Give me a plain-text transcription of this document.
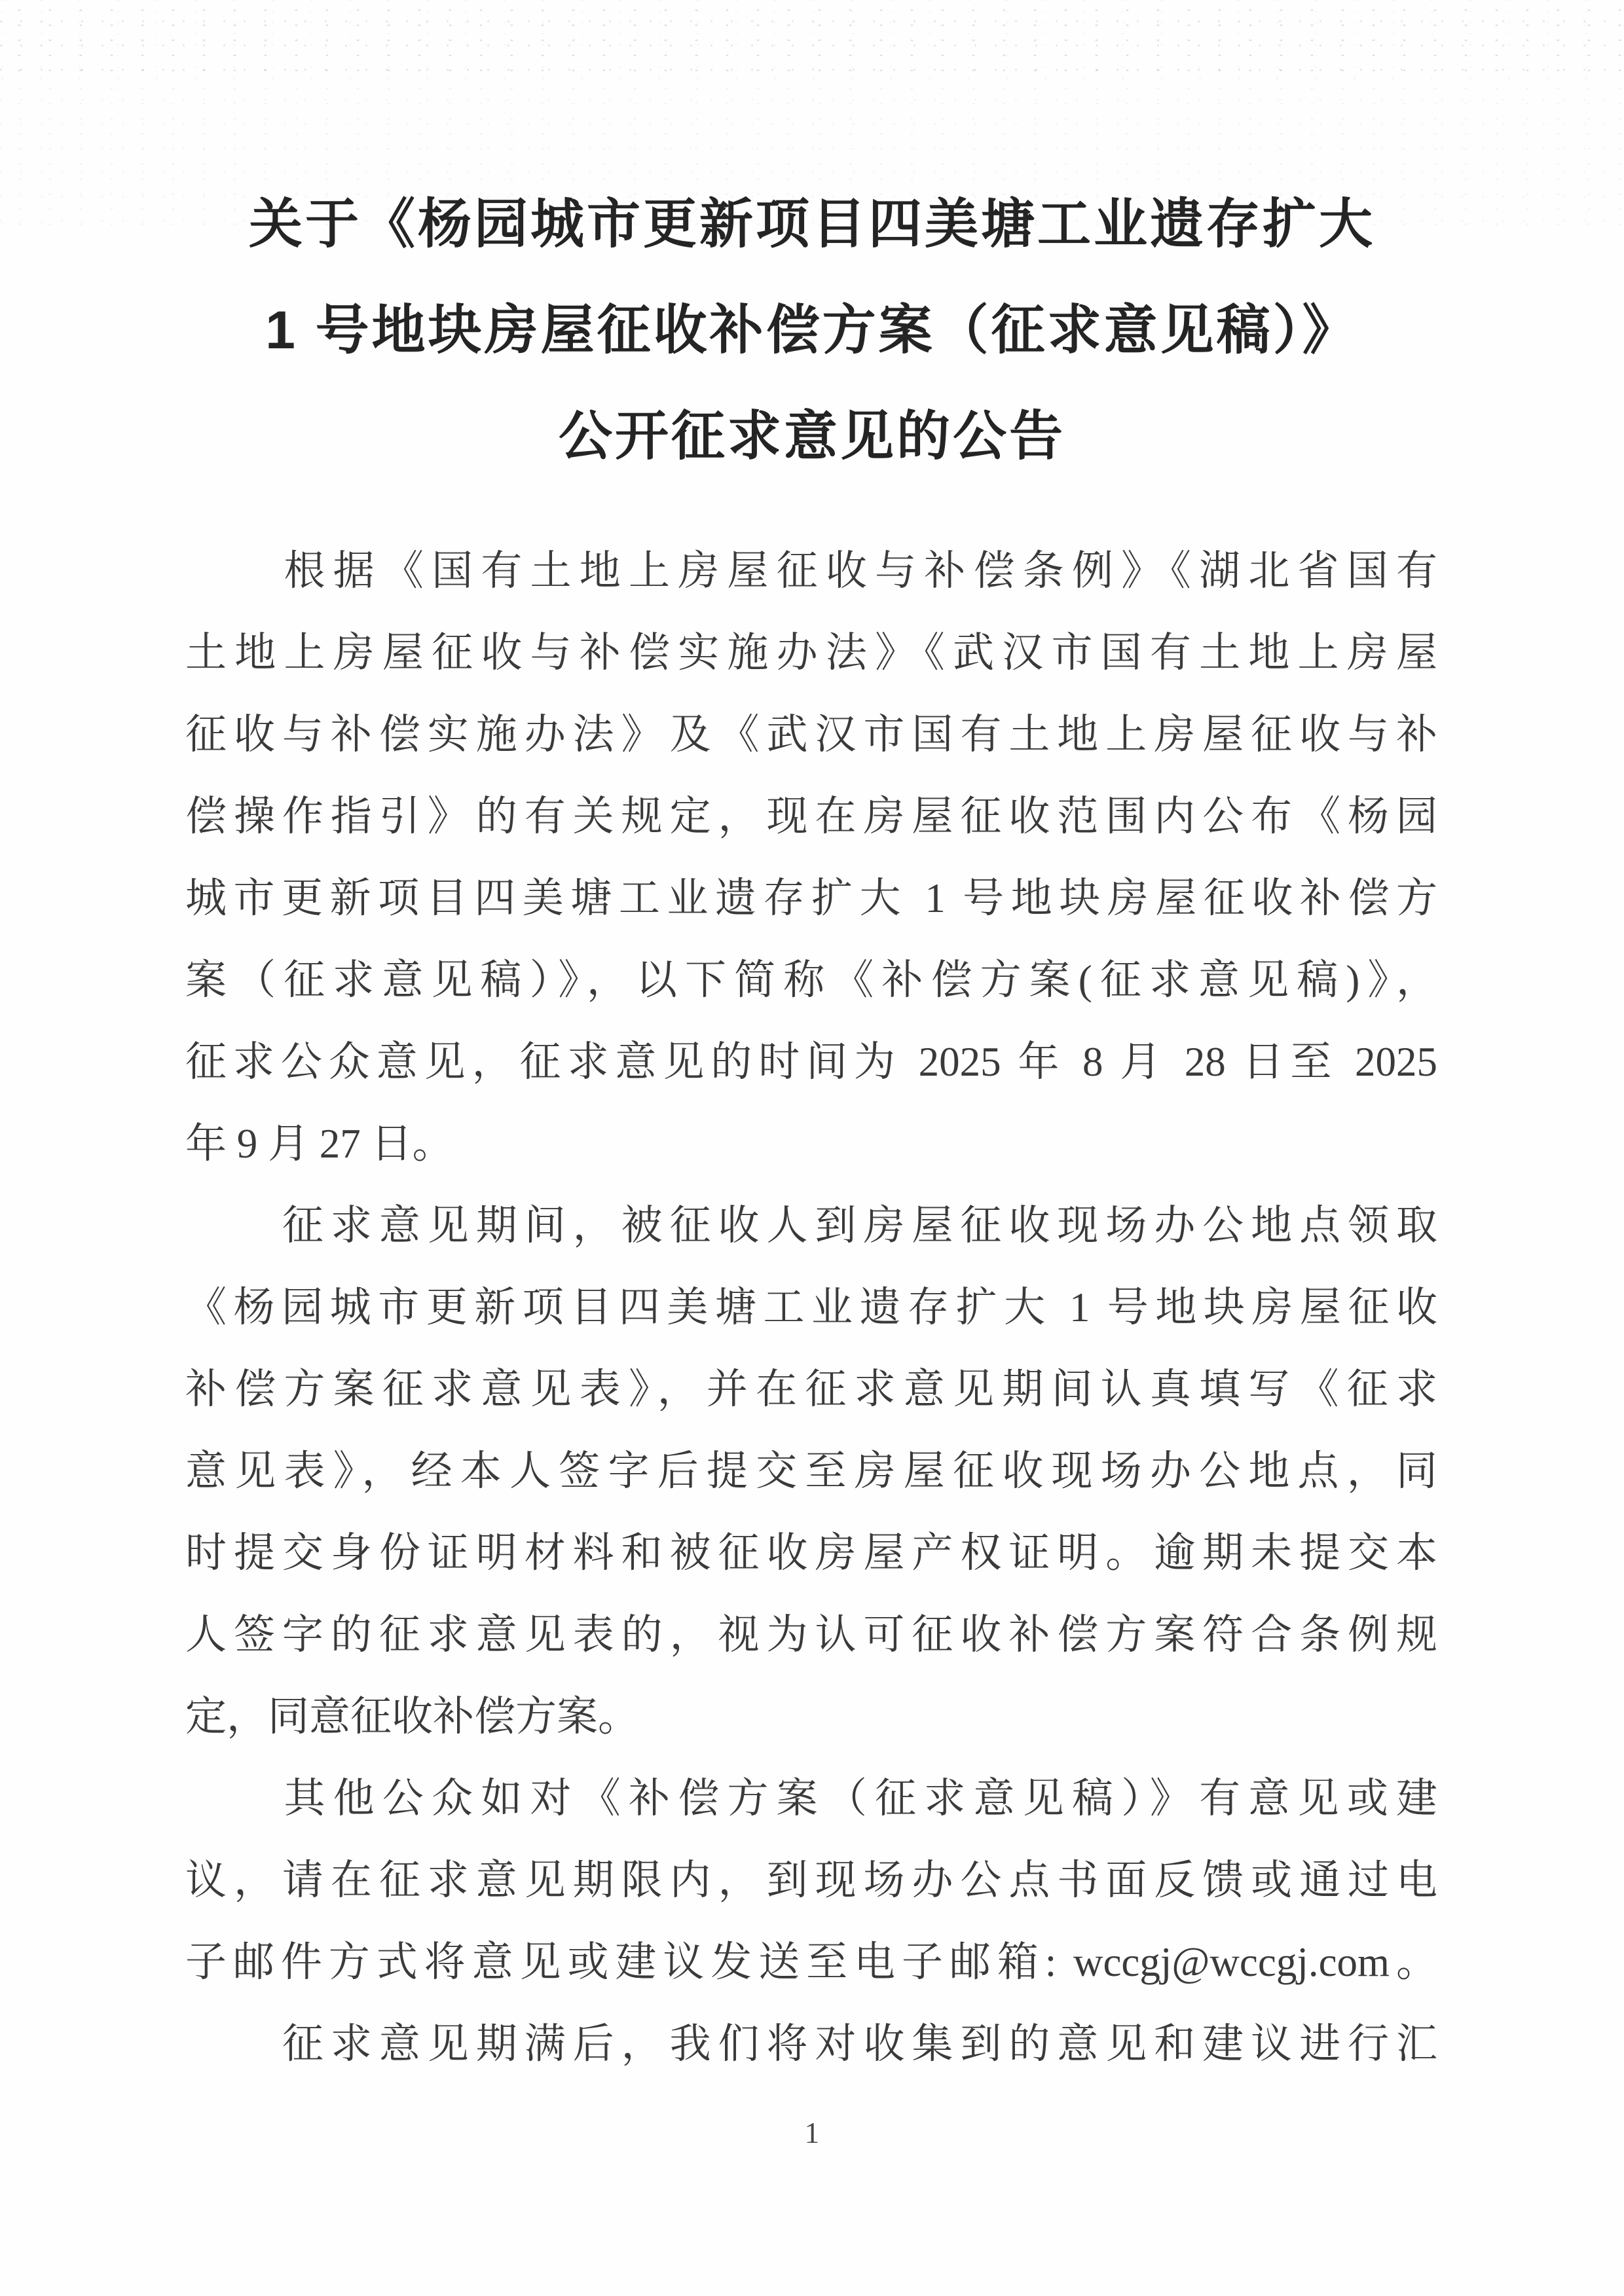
关于《杨园城市更新项目四美塘工业遗存扩大
1 号地块房屋征收补偿方案（征求意见稿）》
公开征求意见的公告
　　根据《国有土地上房屋征收与补偿条例》《湖北省国有
土地上房屋征收与补偿实施办法》《武汉市国有土地上房屋
征收与补偿实施办法》及《武汉市国有土地上房屋征收与补
偿操作指引》的有关规定，现在房屋征收范围内公布《杨园
城市更新项目四美塘工业遗存扩大 1 号地块房屋征收补偿方
案（征求意见稿）》，以下简称《补偿方案(征求意见稿)》，
征求公众意见，征求意见的时间为 2025 年 8 月 28 日至 2025
年 9 月 27 日。
　　征求意见期间，被征收人到房屋征收现场办公地点领取
《杨园城市更新项目四美塘工业遗存扩大 1 号地块房屋征收
补偿方案征求意见表》，并在征求意见期间认真填写《征求
意见表》，经本人签字后提交至房屋征收现场办公地点，同
时提交身份证明材料和被征收房屋产权证明。逾期未提交本
人签字的征求意见表的，视为认可征收补偿方案符合条例规
定，同意征收补偿方案。
　　其他公众如对《补偿方案（征求意见稿）》有意见或建
议，请在征求意见期限内，到现场办公点书面反馈或通过电
子邮件方式将意见或建议发送至电子邮箱: wccgj@wccgj.com。
　　征求意见期满后，我们将对收集到的意见和建议进行汇
1
